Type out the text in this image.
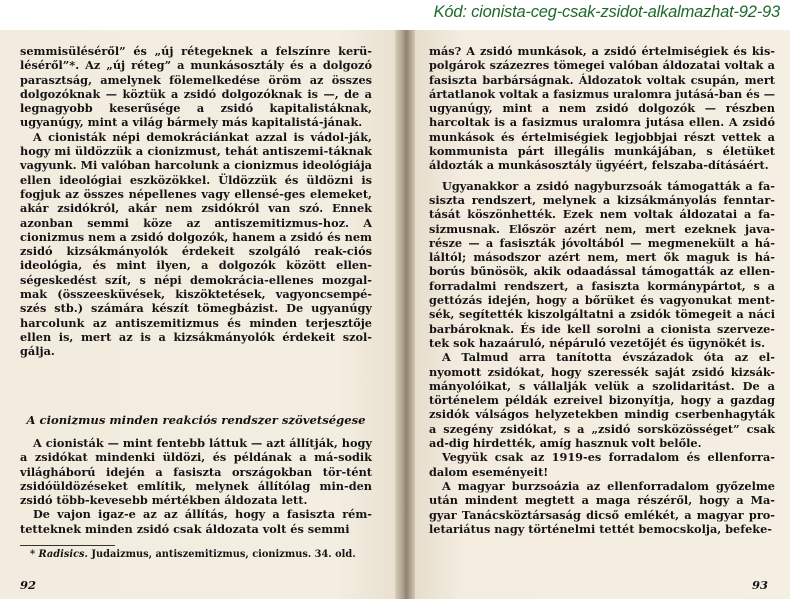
Kód: cionista-ceg-csak-zsidot-alkalmazhat-92-93

semmisüléséről” és „új rétegeknek a felszínre kerü-léséről”*. Az „új réteg” a munkásosztály és a dolgozó parasztság, amelynek fölemelkedése öröm az összes dolgozóknak — köztük a zsidó dolgozóknak is —, de a legnagyobb keserűsége a zsidó kapitalistáknak, ugyanúgy, mint a világ bármely más kapitalistá-jának.

A cionisták népi demokráciánkat azzal is vádol-ják, hogy mi üldözzük a cionizmust, tehát antiszemi-táknak vagyunk. Mi valóban harcolunk a cionizmus ideológiája ellen ideológiai eszközökkel. Üldözzük és üldözni is fogjuk az összes népellenes vagy ellensé-ges elemeket, akár zsidókról, akár nem zsidókról van szó. Ennek azonban semmi köze az antiszemitizmus-hoz. A cionizmus nem a zsidó dolgozók, hanem a zsidó és nem zsidó kizsákmányolók érdekeit szolgáló reak-ciós ideológia, és mint ilyen, a dolgozók között ellen-ségeskedést szít, s népi demokrácia-ellenes mozgal-mak (összeesküvések, kiszöktetések, vagyoncsempé-szés stb.) számára készít tömegbázist. De ugyanúgy harcolunk az antiszemitizmus és minden terjesztője ellen is, mert az is a kizsákmányolók érdekeit szol-gálja.

A cionizmus minden reakciós rendszer szövetségese

A cionisták — mint fentebb láttuk — azt állítják, hogy a zsidókat mindenki üldözi, és példának a má-sodik világháború idején a fasiszta országokban tör-tént zsidóüldözéseket említik, melynek állítólag min-den zsidó több-kevesebb mértékben áldozata lett.

De vajon igaz-e az az állítás, hogy a fasiszta rém-tetteknek minden zsidó csak áldozata volt és semmi

* Radisics. Judaizmus, antiszemitizmus, cionizmus. 34. old.
92

más? A zsidó munkások, a zsidó értelmiségiek és kis-polgárok százezres tömegei valóban áldozatai voltak a fasiszta barbárságnak. Áldozatok voltak csupán, mert ártatlanok voltak a fasizmus uralomra jutásá-ban és — ugyanúgy, mint a nem zsidó dolgozók — részben harcoltak is a fasizmus uralomra jutása ellen. A zsidó munkások és értelmiségiek legjobbjai részt vettek a kommunista párt illegális munkájában, s életüket áldozták a munkásosztály ügyéért, felszaba-dításáért.

Ugyanakkor a zsidó nagyburzsoák támogatták a fa-siszta rendszert, melynek a kizsákmányolás fenntar-tását köszönhették. Ezek nem voltak áldozatai a fa-sizmusnak. Először azért nem, mert ezeknek java-része — a fasiszták jóvoltából — megmenekült a há-láltól; másodszor azért nem, mert ők maguk is há-borús bűnösök, akik odaadással támogatták az ellen-forradalmi rendszert, a fasiszta kormánypártot, s a gettózás idején, hogy a bőrüket és vagyonukat ment-sék, segítették kiszolgáltatni a zsidók tömegeit a náci barbároknak. És ide kell sorolni a cionista szerveze-tek sok hazaáruló, népáruló vezetőjét és ügynökét is.

A Talmud arra tanította évszázadok óta az el-nyomott zsidókat, hogy szeressék saját zsidó kizsák-mányolóikat, s vállalják velük a szolidaritást. De a történelem példák ezreivel bizonyítja, hogy a gazdag zsidók válságos helyzetekben mindig cserbenhagyták a szegény zsidókat, s a „zsidó sorsközösséget” csak ad-dig hirdették, amíg hasznuk volt belőle.

Vegyük csak az 1919-es forradalom és ellenforra-dalom eseményeit!

A magyar burzsoázia az ellenforradalom győzelme után mindent megtett a maga részéről, hogy a Ma-gyar Tanácsköztársaság dicső emlékét, a magyar pro-letariátus nagy történelmi tettét bemocskolja, befeke-

93
